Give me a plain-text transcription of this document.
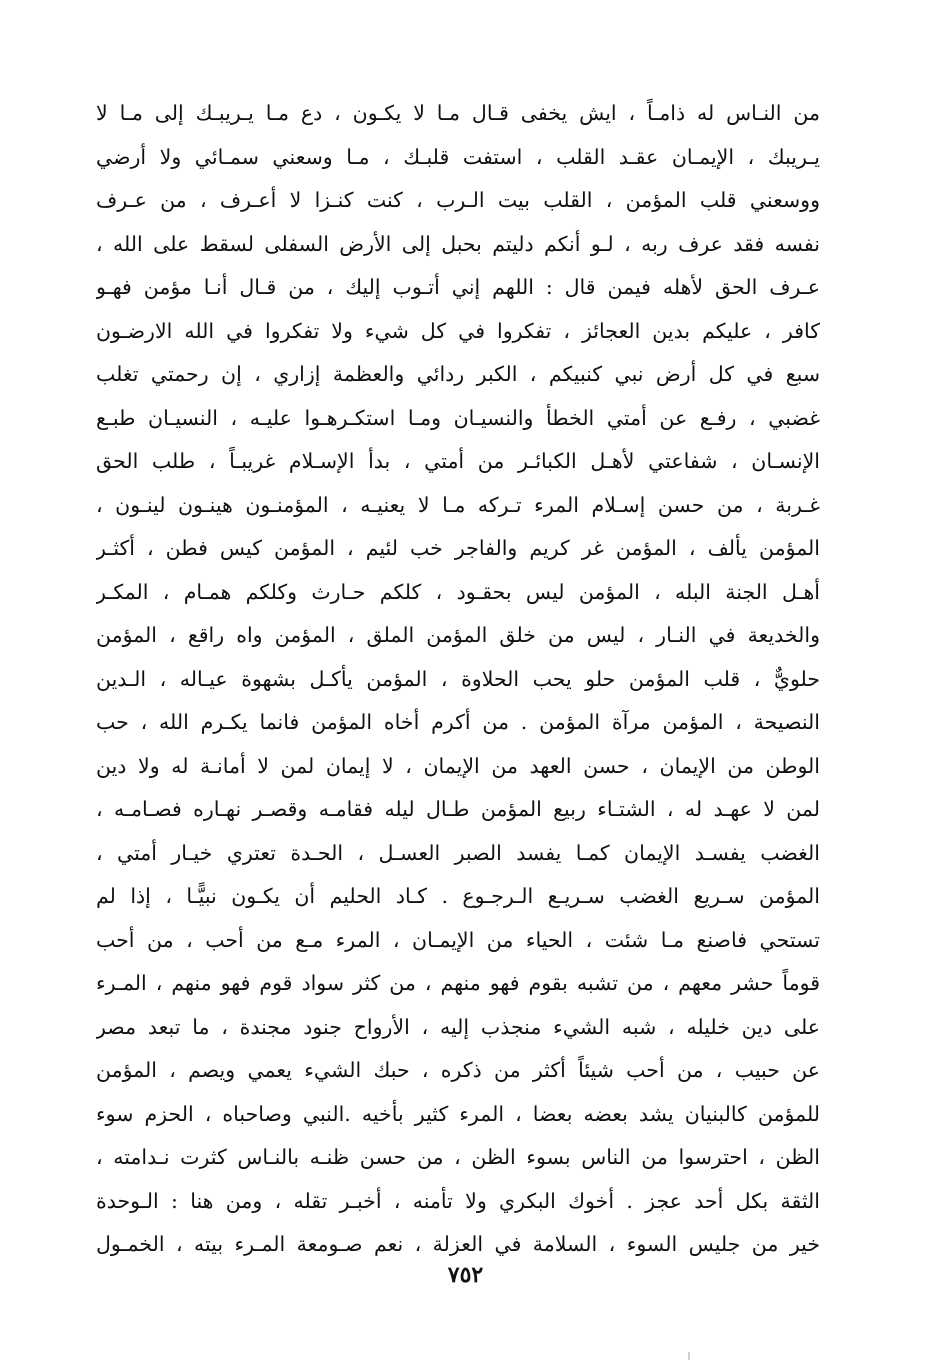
من النـاس له ذامـاً ، ايش يخفى قـال مـا لا يكـون ، دع مـا يـريبـك إلى مـا لا
يـريبك ، الإيمـان عقـد القلب ، استفت قلبـك ، مـا وسعني سمـائي ولا أرضي
ووسعني قلب المؤمن ، القلب بيت الـرب ، كنت كنـزا لا أعـرف ، من عـرف
نفسه فقد عرف ربه ، لـو أنكم دليتم بحبل إلى الأرض السفلى لسقط على الله ،
عـرف الحق لأهله فيمن قال : اللهم إني أتـوب إليك ، من قـال أنـا مؤمن فهـو
كافر ، عليكم بدين العجائز ، تفكروا في كل شيء ولا تفكروا في الله الارضـون
سبع في كل أرض نبي كنبيكم ، الكبر ردائي والعظمة إزاري ، إن رحمتي تغلب
غضبي ، رفـع عن أمتي الخطأ والنسيـان ومـا استكـرهـوا عليـه ، النسيـان طبـع
الإنسـان ، شفاعتي لأهـل الكبائـر من أمتي ، بدأ الإسـلام غريبـاً ، طلب الحق
غـربة ، من حسن إسـلام المرء تـركه مـا لا يعنيـه ، المؤمنـون هينـون لينـون ،
المؤمن يألف ، المؤمن غر كريم والفاجر خب لئيم ، المؤمن كيس فطن ، أكثـر
أهـل الجنة البله ، المؤمن ليس بحقـود ، كلكم حـارث وكلكم همـام ، المكـر
والخديعة في النـار ، ليس من خلق المؤمن الملق ، المؤمن واه راقع ، المؤمن
حلويٌّ ، قلب المؤمن حلو يحب الحلاوة ، المؤمن يأكـل بشهوة عيـاله ، الـدين
النصيحة ، المؤمن مرآة المؤمن . من أكرم أخاه المؤمن فانما يكـرم الله ، حب
الوطن من الإيمان ، حسن العهد من الإيمان ، لا إيمان لمن لا أمانـة له ولا دين
لمن لا عهـد له ، الشتـاء ربيع المؤمن طـال ليله فقامـه وقصـر نهـاره فصـامـه ،
الغضب يفسـد الإيمان كمـا يفسد الصبر العسـل ، الحـدة تعتري خيـار أمتي ،
المؤمن سـريع الغضب سـريـع الـرجـوع . كـاد الحليم أن يكـون نبيًّـا ، إذا لم
تستحي فاصنع مـا شئت ، الحياء من الإيمـان ، المرء مـع من أحب ، من أحب
قوماً حشر معهم ، من تشبه بقوم فهو منهم ، من كثر سواد قوم فهو منهم ، المـرء
على دين خليله ، شبه الشيء منجذب إليه ، الأرواح جنود مجندة ، ما تبعد مصر
عن حبيب ، من أحب شيئاً أكثر من ذكره ، حبك الشيء يعمي ويصم ، المؤمن
للمؤمن كالبنيان يشد بعضه بعضا ، المرء كثير بأخيه .النبي وصاحباه ، الحزم سوء
الظن ، احترسوا من الناس بسوء الظن ، من حسن ظنـه بالنـاس كثرت نـدامته ،
الثقة بكل أحد عجز . أخوك البكري ولا تأمنه ، أخبـر تقله ، ومن هنا : الـوحدة
خير من جليس السوء ، السلامة في العزلة ، نعم صـومعة المـرء بيته ، الخمـول
٧٥٢
